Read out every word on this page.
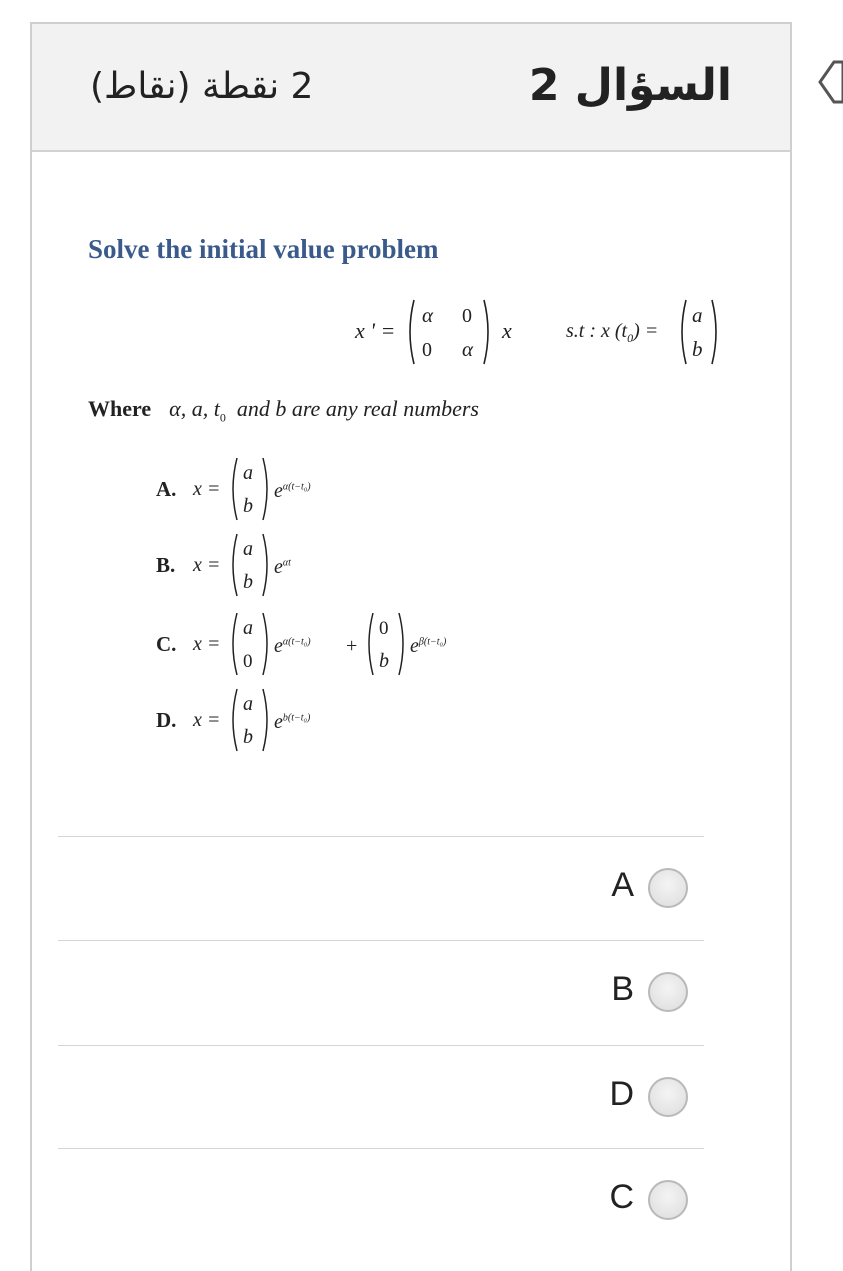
2 نقطة (نقاط)	السؤال 2
Solve the initial value problem
x ' =
α 0
0 α
x	s.t : x $(t_0)$ =
a
b
Where α, a, $t_0$ and b are any real numbers
A. x =
a
b
$e^{\alpha(t-t_0)}$
B. x =
a
b
$e^{\alpha t}$
C. x =
a
0
$e^{\alpha(t-t_0)}$ +
0
b
$e^{\beta(t-t_0)}$
D. x =
a
b
$e^{b(t-t_0)}$
A
B
D
C
